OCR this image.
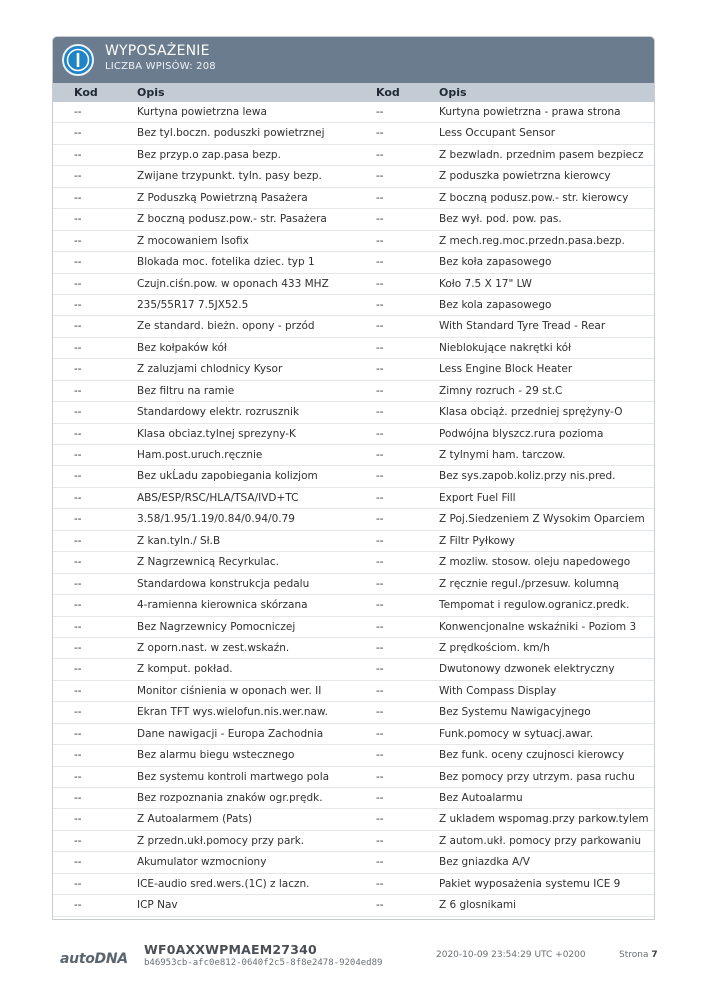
WYPOSAŻENIE
LICZBA WPISÓW: 208
Kod	Opis	Kod	Opis
--	Kurtyna powietrzna lewa	--	Kurtyna powietrzna - prawa strona
--	Bez tyl.boczn. poduszki powietrznej	--	Less Occupant Sensor
--	Bez przyp.o zap.pasa bezp.	--	Z bezwladn. przednim pasem bezpiecz
--	Zwijane trzypunkt. tyln. pasy bezp.	--	Z poduszka powietrzna kierowcy
--	Z Poduszką Powietrzną Pasażera	--	Z boczną podusz.pow.- str. kierowcy
--	Z boczną podusz.pow.- str. Pasażera	--	Bez wył. pod. pow. pas.
--	Z mocowaniem Isofix	--	Z mech.reg.moc.przedn.pasa.bezp.
--	Blokada moc. fotelika dziec. typ 1	--	Bez koła zapasowego
--	Czujn.ciśn.pow. w oponach 433 MHZ	--	Koło 7.5 X 17" LW
--	235/55R17 7.5JX52.5	--	Bez kola zapasowego
--	Ze standard. bieżn. opony - przód	--	With Standard Tyre Tread - Rear
--	Bez kołpaków kół	--	Nieblokujące nakrętki kół
--	Z zaluzjami chlodnicy Kysor	--	Less Engine Block Heater
--	Bez filtru na ramie	--	Zimny rozruch - 29 st.C
--	Standardowy elektr. rozrusznik	--	Klasa obciąż. przedniej sprężyny-O
--	Klasa obciaz.tylnej sprezyny-K	--	Podwójna blyszcz.rura pozioma
--	Ham.post.uruch.ręcznie	--	Z tylnymi ham. tarczow.
--	Bez ukĹadu zapobiegania kolizjom	--	Bez sys.zapob.koliz.przy nis.pred.
--	ABS/ESP/RSC/HLA/TSA/IVD+TC	--	Export Fuel Fill
--	3.58/1.95/1.19/0.84/0.94/0.79	--	Z Poj.Siedzeniem Z Wysokim Oparciem
--	Z kan.tyln./ Sł.B	--	Z Filtr Pyłkowy
--	Z Nagrzewnicą Recyrkulac.	--	Z mozliw. stosow. oleju napedowego
--	Standardowa konstrukcja pedalu	--	Z ręcznie regul./przesuw. kolumną
--	4-ramienna kierownica skórzana	--	Tempomat i regulow.ogranicz.predk.
--	Bez Nagrzewnicy Pomocniczej	--	Konwencjonalne wskaźniki - Poziom 3
--	Z oporn.nast. w zest.wskaźn.	--	Z prędkościom. km/h
--	Z komput. pokład.	--	Dwutonowy dzwonek elektryczny
--	Monitor ciśnienia w oponach wer. II	--	With Compass Display
--	Ekran TFT wys.wielofun.nis.wer.naw.	--	Bez Systemu Nawigacyjnego
--	Dane nawigacji - Europa Zachodnia	--	Funk.pomocy w sytuacj.awar.
--	Bez alarmu biegu wstecznego	--	Bez funk. oceny czujnosci kierowcy
--	Bez systemu kontroli martwego pola	--	Bez pomocy przy utrzym. pasa ruchu
--	Bez rozpoznania znaków ogr.prędk.	--	Bez Autoalarmu
--	Z Autoalarmem (Pats)	--	Z ukladem wspomag.przy parkow.tylem
--	Z przedn.ukł.pomocy przy park.	--	Z autom.ukł. pomocy przy parkowaniu
--	Akumulator wzmocniony	--	Bez gniazdka A/V
--	ICE-audio sred.wers.(1C) z laczn.	--	Pakiet wyposażenia systemu ICE 9
--	ICP Nav	--	Z 6 glosnikami
autoDNA
WF0AXXWPMAEM27340
b46953cb-afc0e812-0640f2c5-8f8e2478-9204ed89
2020-10-09 23:54:29 UTC +0200	Strona 7
